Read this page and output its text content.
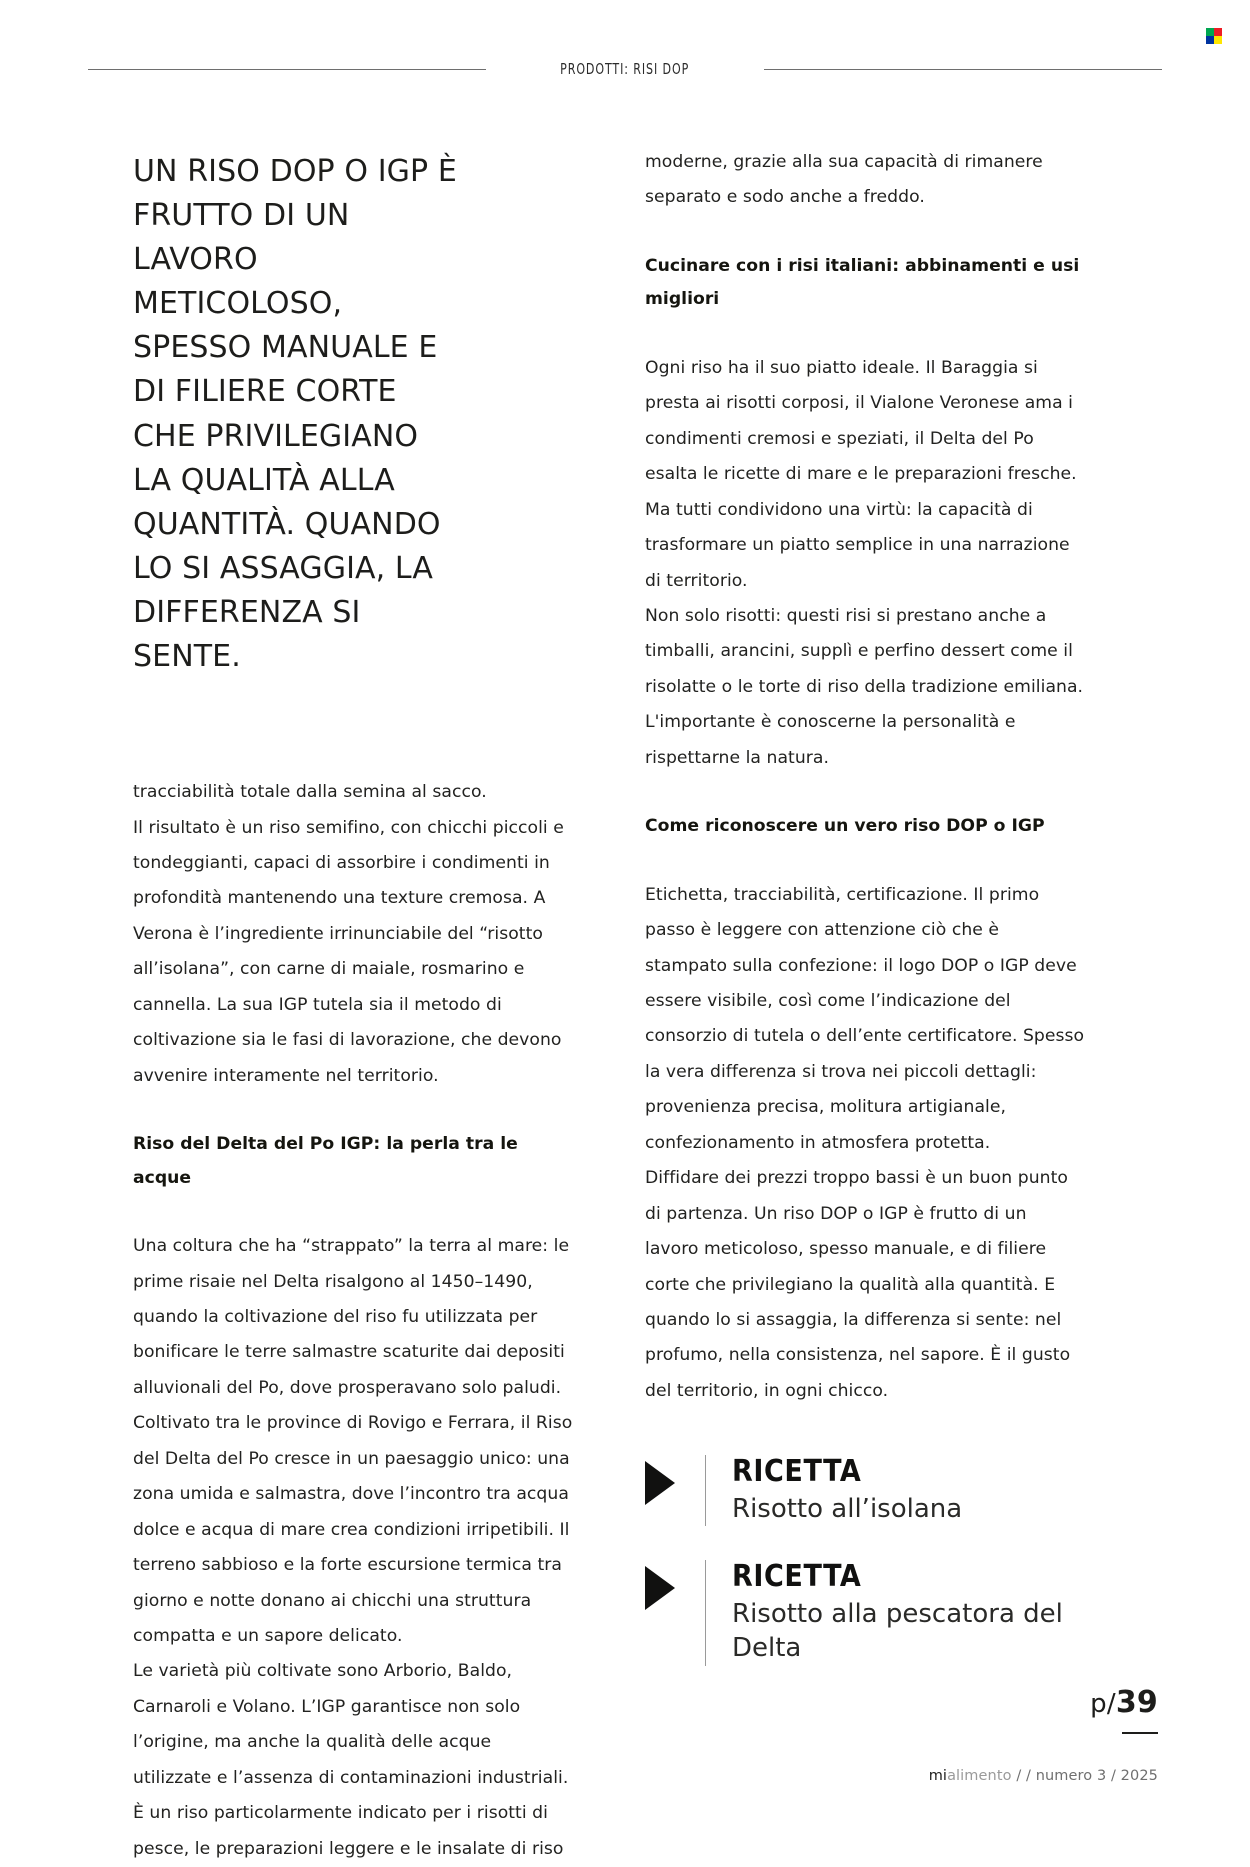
PRODOTTI: RISI DOP
UN RISO DOP O IGP È FRUTTO DI UN LAVORO METICOLOSO, SPESSO MANUALE E DI FILIERE CORTE CHE PRIVILEGIANO LA QUALITÀ ALLA QUANTITÀ. QUANDO LO SI ASSAGGIA, LA DIFFERENZA SI SENTE.

tracciabilità totale dalla semina al sacco.

Il risultato è un riso semifino, con chicchi piccoli e tondeggianti, capaci di assorbire i condimenti in profondità mantenendo una texture cremosa. A Verona è l’ingrediente irrinunciabile del “risotto all’isolana”, con carne di maiale, rosmarino e cannella. La sua IGP tutela sia il metodo di coltivazione sia le fasi di lavorazione, che devono avvenire interamente nel territorio.

Riso del Delta del Po IGP: la perla tra le acque

Una coltura che ha “strappato” la terra al mare: le prime risaie nel Delta risalgono al 1450–1490, quando la coltivazione del riso fu utilizzata per bonificare le terre salmastre scaturite dai depositi alluvionali del Po, dove prosperavano solo paludi. Coltivato tra le province di Rovigo e Ferrara, il Riso del Delta del Po cresce in un paesaggio unico: una zona umida e salmastra, dove l’incontro tra acqua dolce e acqua di mare crea condizioni irripetibili. Il terreno sabbioso e la forte escursione termica tra giorno e notte donano ai chicchi una struttura compatta e un sapore delicato.

Le varietà più coltivate sono Arborio, Baldo, Carnaroli e Volano. L’IGP garantisce non solo l’origine, ma anche la qualità delle acque utilizzate e l’assenza di contaminazioni industriali. È un riso particolarmente indicato per i risotti di pesce, le preparazioni leggere e le insalate di riso

moderne, grazie alla sua capacità di rimanere separato e sodo anche a freddo.

Cucinare con i risi italiani: abbinamenti e usi migliori

Ogni riso ha il suo piatto ideale. Il Baraggia si presta ai risotti corposi, il Vialone Veronese ama i condimenti cremosi e speziati, il Delta del Po esalta le ricette di mare e le preparazioni fresche. Ma tutti condividono una virtù: la capacità di trasformare un piatto semplice in una narrazione di territorio.

Non solo risotti: questi risi si prestano anche a timballi, arancini, supplì e perfino dessert come il risolatte o le torte di riso della tradizione emiliana. L'importante è conoscerne la personalità e rispettarne la natura.

Come riconoscere un vero riso DOP o IGP

Etichetta, tracciabilità, certificazione. Il primo passo è leggere con attenzione ciò che è stampato sulla confezione: il logo DOP o IGP deve essere visibile, così come l’indicazione del consorzio di tutela o dell’ente certificatore. Spesso la vera differenza si trova nei piccoli dettagli: provenienza precisa, molitura artigianale, confezionamento in atmosfera protetta.

Diffidare dei prezzi troppo bassi è un buon punto di partenza. Un riso DOP o IGP è frutto di un lavoro meticoloso, spesso manuale, e di filiere corte che privilegiano la qualità alla quantità. E quando lo si assaggia, la differenza si sente: nel profumo, nella consistenza, nel sapore. È il gusto del territorio, in ogni chicco.

RICETTA
Risotto all’isolana
RICETTA
Risotto alla pescatora del Delta
p/39
mialimento / / numero 3 / 2025
